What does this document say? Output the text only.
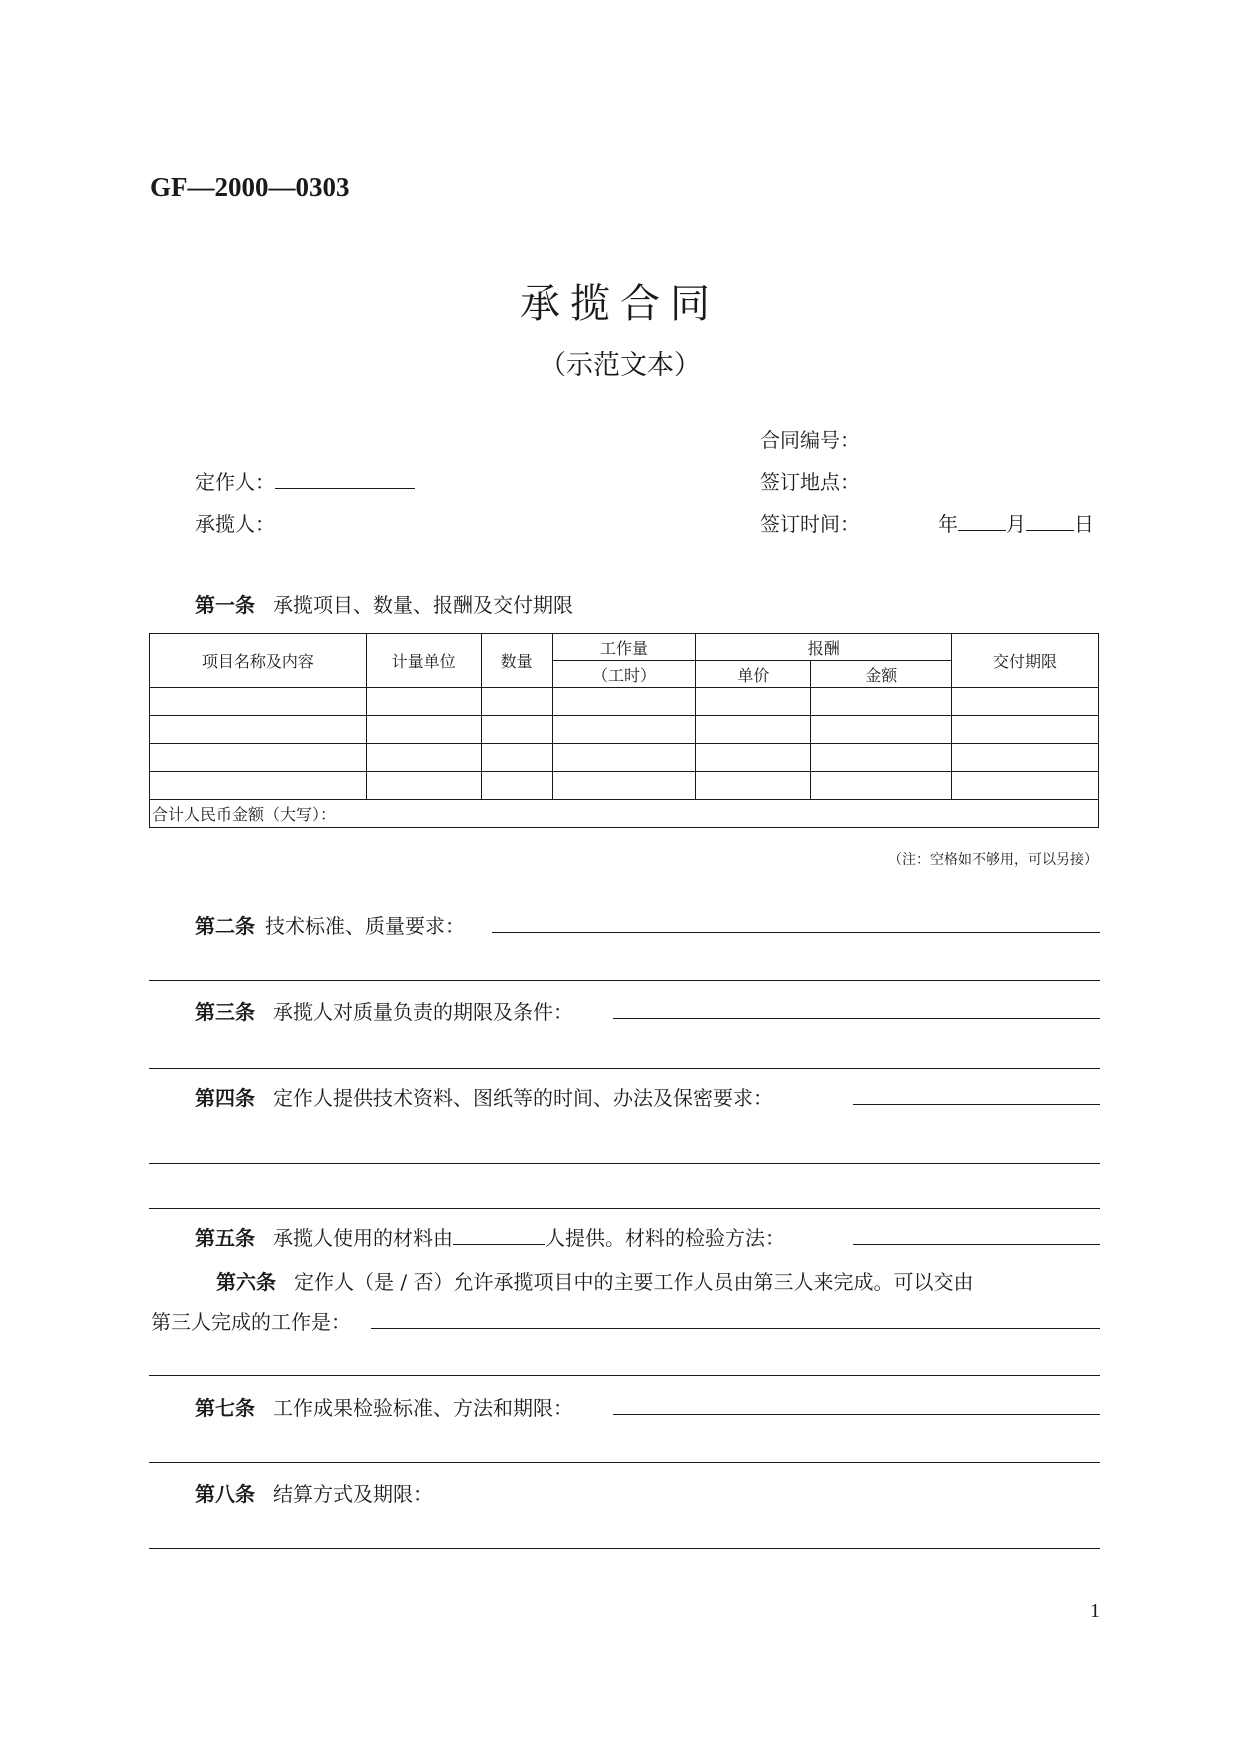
GF—2000—0303
承揽合同
（示范文本）
合同编号：
定作人：	签订地点：
承揽人：	签订时间：	年 月 日
第一条 承揽项目、数量、报酬及交付期限
项目名称及内容	计量单位	数量	工作量	报酬		交付期限
			（工时）	单价	金额	

合计人民币金额（大写）：						
（注：空格如不够用，可以另接）
第二条 技术标准、质量要求：
第三条 承揽人对质量负责的期限及条件：
第四条 定作人提供技术资料、图纸等的时间、办法及保密要求：
第五条 承揽人使用的材料由	人提供。材料的检验方法：
第六条 定作人（是 / 否）允许承揽项目中的主要工作人员由第三人来完成。可以交由
第三人完成的工作是：
第七条 工作成果检验标准、方法和期限：
第八条 结算方式及期限：
1
